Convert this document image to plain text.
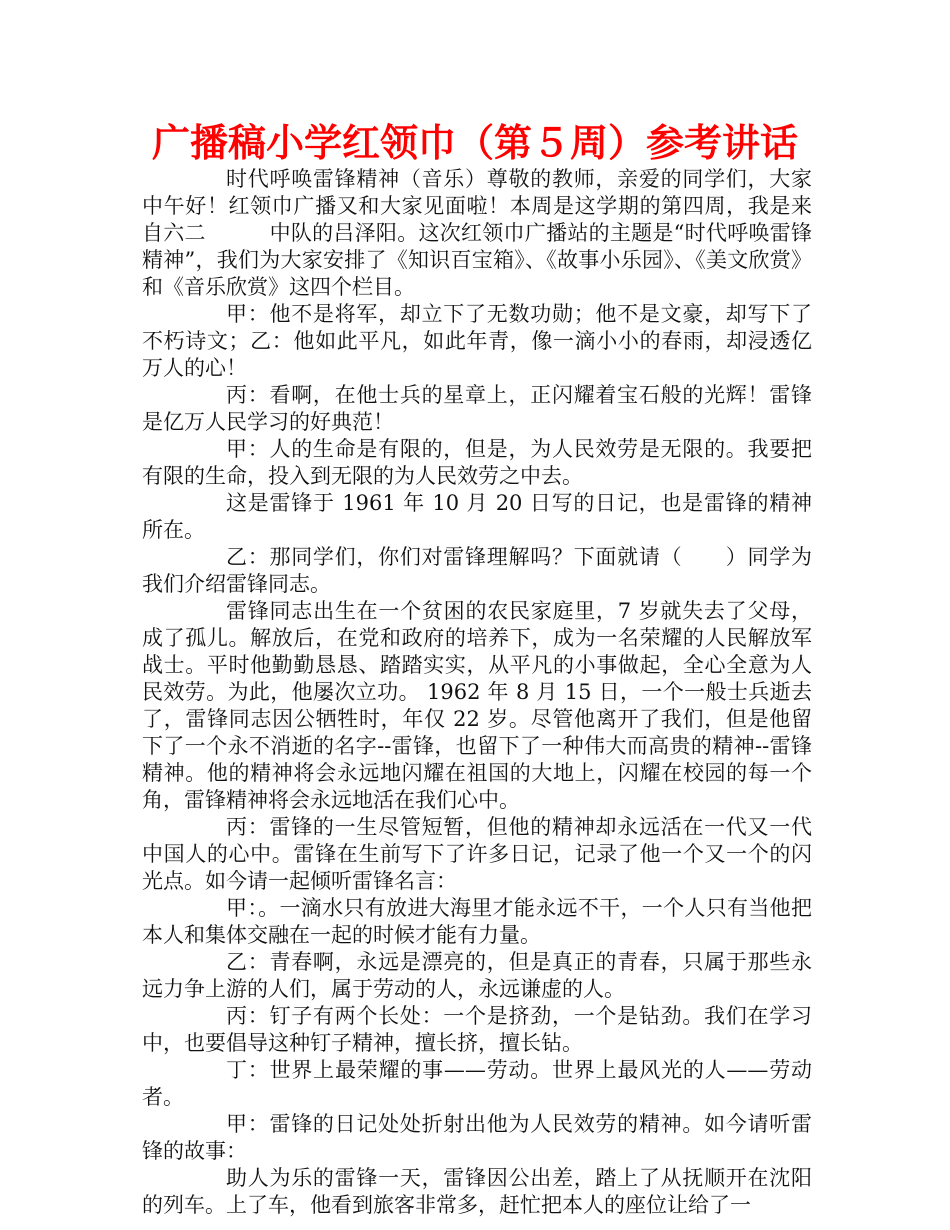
广播稿小学红领巾（第５周）参考讲话

时代呼唤雷锋精神（音乐）尊敬的教师，亲爱的同学们，大家中午好！红领巾广播又和大家见面啦！本周是这学期的第四周，我是来自六二　　　中队的吕泽阳。这次红领巾广播站的主题是“时代呼唤雷锋精神”，我们为大家安排了《知识百宝箱》、《故事小乐园》、《美文欣赏》和《音乐欣赏》这四个栏目。

甲：他不是将军，却立下了无数功勋；他不是文豪，却写下了不朽诗文；乙：他如此平凡，如此年青，像一滴小小的春雨，却浸透亿万人的心！

丙：看啊，在他士兵的星章上，正闪耀着宝石般的光辉！雷锋是亿万人民学习的好典范！

甲：人的生命是有限的，但是，为人民效劳是无限的。我要把有限的生命，投入到无限的为人民效劳之中去。

这是雷锋于 1961 年 10 月 20 日写的日记，也是雷锋的精神所在。

乙：那同学们，你们对雷锋理解吗？下面就请（　　）同学为我们介绍雷锋同志。

雷锋同志出生在一个贫困的农民家庭里，7 岁就失去了父母，成了孤儿。解放后，在党和政府的培养下，成为一名荣耀的人民解放军战士。平时他勤勤恳恳、踏踏实实，从平凡的小事做起，全心全意为人民效劳。为此，他屡次立功。 1962 年 8 月 15 日，一个一般士兵逝去了，雷锋同志因公牺牲时，年仅 22 岁。尽管他离开了我们，但是他留下了一个永不消逝的名字--雷锋，也留下了一种伟大而高贵的精神--雷锋精神。他的精神将会永远地闪耀在祖国的大地上，闪耀在校园的每一个角，雷锋精神将会永远地活在我们心中。

丙：雷锋的一生尽管短暂，但他的精神却永远活在一代又一代中国人的心中。雷锋在生前写下了许多日记，记录了他一个又一个的闪光点。如今请一起倾听雷锋名言：

甲：。一滴水只有放进大海里才能永远不干，一个人只有当他把本人和集体交融在一起的时候才能有力量。

乙：青春啊，永远是漂亮的，但是真正的青春，只属于那些永远力争上游的人们，属于劳动的人，永远谦虚的人。

丙：钉子有两个长处：一个是挤劲，一个是钻劲。我们在学习中，也要倡导这种钉子精神，擅长挤，擅长钻。

丁：世界上最荣耀的事——劳动。世界上最风光的人——劳动者。

甲：雷锋的日记处处折射出他为人民效劳的精神。如今请听雷锋的故事：

助人为乐的雷锋一天，雷锋因公出差，踏上了从抚顺开在沈阳的列车。上了车，他看到旅客非常多，赶忙把本人的座位让给了一
